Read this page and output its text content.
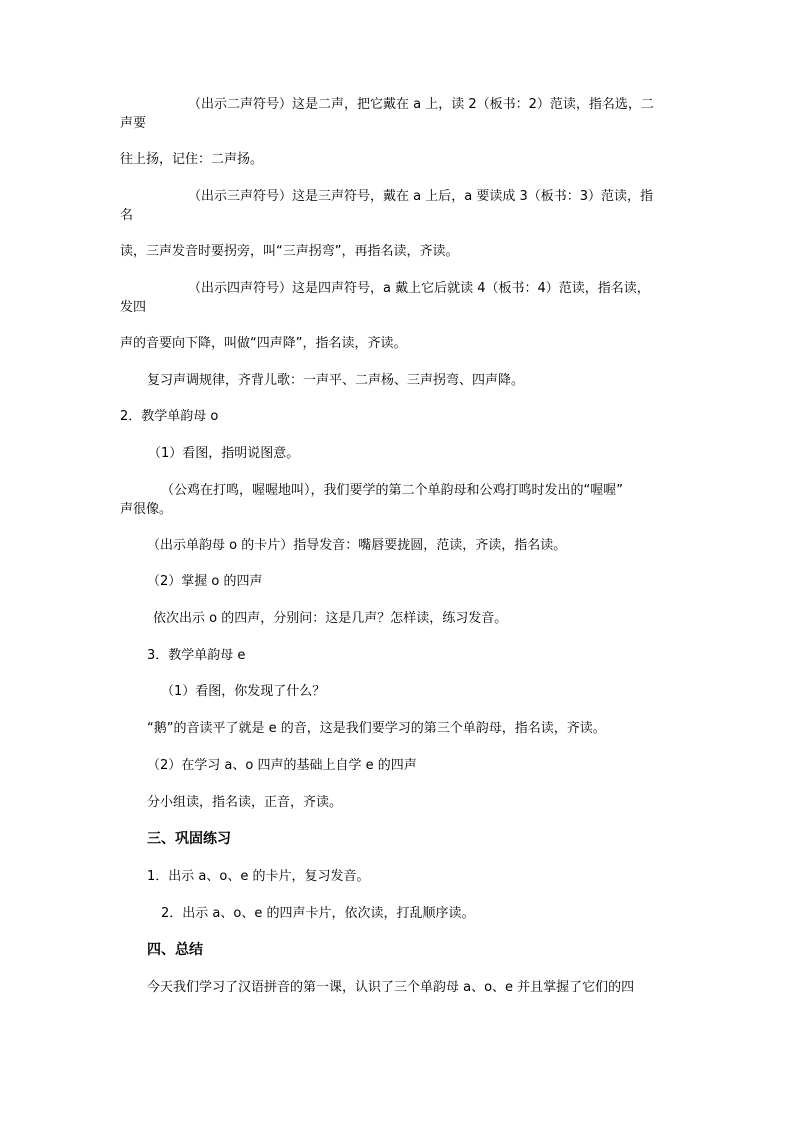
（出示二声符号）这是二声，把它戴在 a 上，读 2（板书：2）范读，指名选，二
声要
往上扬，记住：二声扬。
（出示三声符号）这是三声符号，戴在 a 上后，a 要读成 3（板书：3）范读，指
名
读，三声发音时要拐旁，叫“三声拐弯”，再指名读，齐读。
（出示四声符号）这是四声符号，a 戴上它后就读 4（板书：4）范读，指名读，
发四
声的音要向下降，叫做“四声降”，指名读，齐读。
复习声调规律，齐背儿歌：一声平、二声杨、三声拐弯、四声降。
2．教学单韵母 o
（1）看图，指明说图意。
（公鸡在打鸣，喔喔地叫），我们要学的第二个单韵母和公鸡打鸣时发出的“喔喔”
声很像。
（出示单韵母 o 的卡片）指导发音：嘴唇要拢圆，范读，齐读，指名读。
（2）掌握 o 的四声
依次出示 o 的四声，分别问：这是几声？怎样读，练习发音。
3．教学单韵母 e
（1）看图，你发现了什么？
“鹅”的音读平了就是 e 的音，这是我们要学习的第三个单韵母，指名读，齐读。
（2）在学习 a、o 四声的基础上自学 e 的四声
分小组读，指名读，正音，齐读。
三、巩固练习
1．出示 a、o、e 的卡片，复习发音。
2．出示 a、o、e 的四声卡片，依次读，打乱顺序读。
四、总结
今天我们学习了汉语拼音的第一课，认识了三个单韵母 a、o、e 并且掌握了它们的四
